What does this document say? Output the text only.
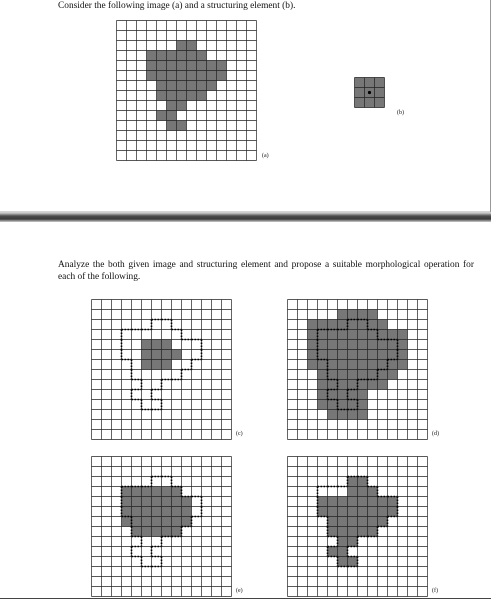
Consider the following image (a) and a structuring element (b).
(a)
(b)
Analyze the both given image and structuring element and propose a suitable morphological operation for each of the following.
(c)	(d)
(e)	(f)
